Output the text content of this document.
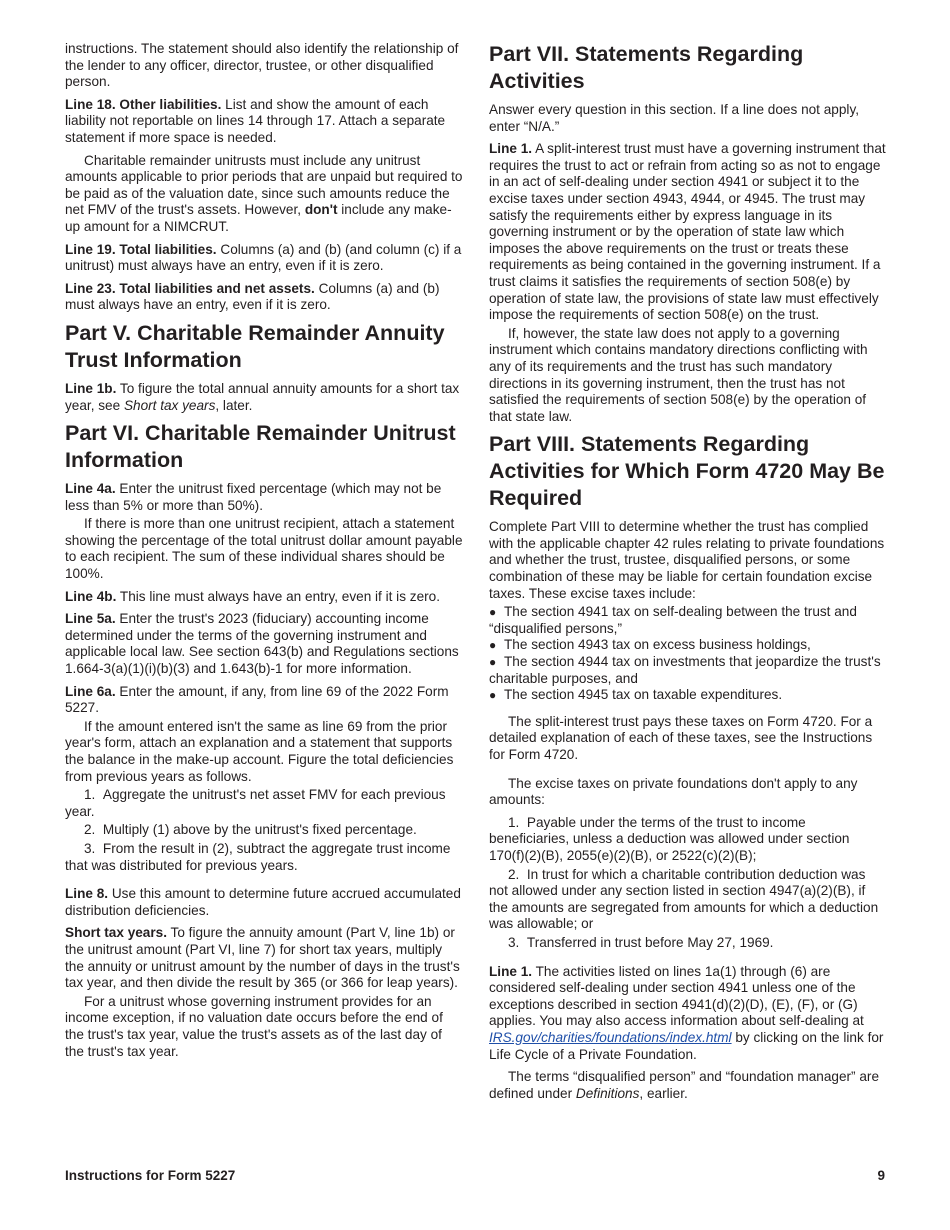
instructions. The statement should also identify the relationship of the lender to any officer, director, trustee, or other disqualified person.

Line 18. Other liabilities. List and show the amount of each liability not reportable on lines 14 through 17. Attach a separate statement if more space is needed.

Charitable remainder unitrusts must include any unitrust amounts applicable to prior periods that are unpaid but required to be paid as of the valuation date, since such amounts reduce the net FMV of the trust's assets. However, don't include any make-up amount for a NIMCRUT.

Line 19. Total liabilities. Columns (a) and (b) (and column (c) if a unitrust) must always have an entry, even if it is zero.

Line 23. Total liabilities and net assets. Columns (a) and (b) must always have an entry, even if it is zero.

Part V. Charitable Remainder Annuity Trust Information

Line 1b. To figure the total annual annuity amounts for a short tax year, see Short tax years, later.

Part VI. Charitable Remainder Unitrust Information

Line 4a. Enter the unitrust fixed percentage (which may not be less than 5% or more than 50%).

If there is more than one unitrust recipient, attach a statement showing the percentage of the total unitrust dollar amount payable to each recipient. The sum of these individual shares should be 100%.

Line 4b. This line must always have an entry, even if it is zero.

Line 5a. Enter the trust's 2023 (fiduciary) accounting income determined under the terms of the governing instrument and applicable local law. See section 643(b) and Regulations sections 1.664-3(a)(1)(i)(b)(3) and 1.643(b)-1 for more information.

Line 6a. Enter the amount, if any, from line 69 of the 2022 Form 5227.

If the amount entered isn't the same as line 69 from the prior year's form, attach an explanation and a statement that supports the balance in the make-up account. Figure the total deficiencies from previous years as follows.

1.  Aggregate the unitrust's net asset FMV for each previous year.

2.  Multiply (1) above by the unitrust's fixed percentage.

3.  From the result in (2), subtract the aggregate trust income that was distributed for previous years.

Line 8. Use this amount to determine future accrued accumulated distribution deficiencies.

Short tax years. To figure the annuity amount (Part V, line 1b) or the unitrust amount (Part VI, line 7) for short tax years, multiply the annuity or unitrust amount by the number of days in the trust's tax year, and then divide the result by 365 (or 366 for leap years).

For a unitrust whose governing instrument provides for an income exception, if no valuation date occurs before the end of the trust's tax year, value the trust's assets as of the last day of the trust's tax year.

Part VII. Statements Regarding Activities

Answer every question in this section. If a line does not apply, enter “N/A.”

Line 1. A split-interest trust must have a governing instrument that requires the trust to act or refrain from acting so as not to engage in an act of self-dealing under section 4941 or subject it to the excise taxes under section 4943, 4944, or 4945. The trust may satisfy the requirements either by express language in its governing instrument or by the operation of state law which imposes the above requirements on the trust or treats these requirements as being contained in the governing instrument. If a trust claims it satisfies the requirements of section 508(e) by operation of state law, the provisions of state law must effectively impose the requirements of section 508(e) on the trust.

If, however, the state law does not apply to a governing instrument which contains mandatory directions conflicting with any of its requirements and the trust has such mandatory directions in its governing instrument, then the trust has not satisfied the requirements of section 508(e) by the operation of that state law.

Part VIII. Statements Regarding Activities for Which Form 4720 May Be Required

Complete Part VIII to determine whether the trust has complied with the applicable chapter 42 rules relating to private foundations and whether the trust, trustee, disqualified persons, or some combination of these may be liable for certain foundation excise taxes. These excise taxes include:

● The section 4941 tax on self-dealing between the trust and “disqualified persons,”
● The section 4943 tax on excess business holdings,
● The section 4944 tax on investments that jeopardize the trust's charitable purposes, and
● The section 4945 tax on taxable expenditures.

The split-interest trust pays these taxes on Form 4720. For a detailed explanation of each of these taxes, see the Instructions for Form 4720.

The excise taxes on private foundations don't apply to any amounts:

1.  Payable under the terms of the trust to income beneficiaries, unless a deduction was allowed under section 170(f)(2)(B), 2055(e)(2)(B), or 2522(c)(2)(B);

2.  In trust for which a charitable contribution deduction was not allowed under any section listed in section 4947(a)(2)(B), if the amounts are segregated from amounts for which a deduction was allowable; or

3.  Transferred in trust before May 27, 1969.

Line 1. The activities listed on lines 1a(1) through (6) are considered self-dealing under section 4941 unless one of the exceptions described in section 4941(d)(2)(D), (E), (F), or (G) applies. You may also access information about self-dealing at IRS.gov/charities/foundations/index.html by clicking on the link for Life Cycle of a Private Foundation.

The terms “disqualified person” and “foundation manager” are defined under Definitions, earlier.

Instructions for Form 5227	9
